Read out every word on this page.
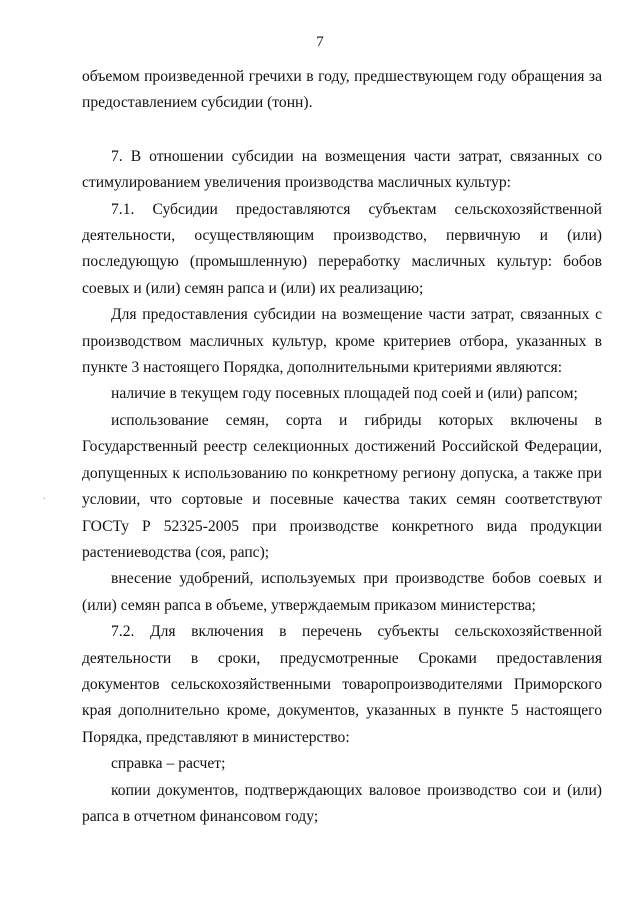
7
ˎ

объемом произведенной гречихи в году, предшествующем году обращения за предоставлением субсидии (тонн).

7. В отношении субсидии на возмещения части затрат, связанных со стимулированием увеличения производства масличных культур:

7.1. Субсидии предоставляются субъектам сельскохозяйственной деятельности, осуществляющим производство, первичную и (или) последующую (промышленную) переработку масличных культур: бобов соевых и (или) семян рапса и (или) их реализацию;

Для предоставления субсидии на возмещение части затрат, связанных с производством масличных культур, кроме критериев отбора, указанных в пункте 3 настоящего Порядка, дополнительными критериями являются:

наличие в текущем году посевных площадей под соей и (или) рапсом;

использование семян, сорта и гибриды которых включены в Государственный реестр селекционных достижений Российской Федерации, допущенных к использованию по конкретному региону допуска, а также при условии, что сортовые и посевные качества таких семян соответствуют ГОСТу Р 52325-2005 при производстве конкретного вида продукции растениеводства (соя, рапс);

внесение удобрений, используемых при производстве бобов соевых и (или) семян рапса в объеме, утверждаемым приказом министерства;

7.2. Для включения в перечень субъекты сельскохозяйственной деятельности в сроки, предусмотренные Сроками предоставления документов сельскохозяйственными товаропроизводителями Приморского края дополнительно кроме, документов, указанных в пункте 5 настоящего Порядка, представляют в министерство:

справка – расчет;

копии документов, подтверждающих валовое производство сои и (или) рапса в отчетном финансовом году;
